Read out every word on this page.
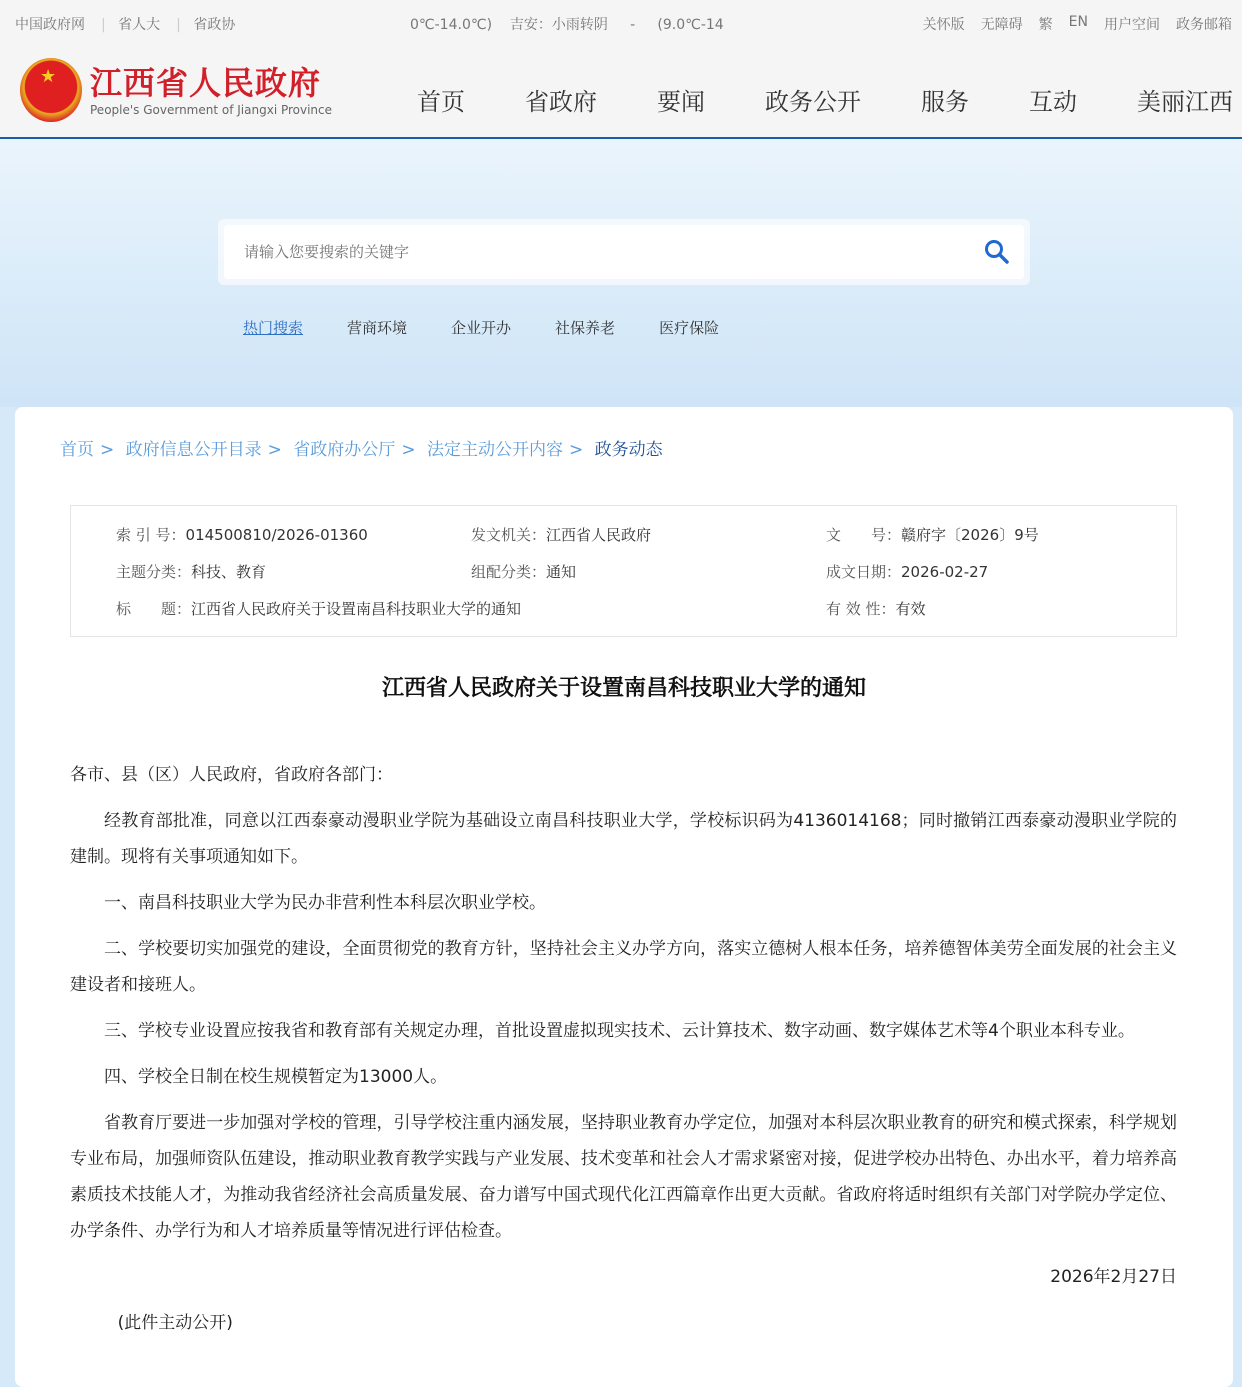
中国政府网 | 省人大 | 省政协	0℃-14.0℃)    吉安：小雨转阴     -     (9.0℃-14	关怀版 无障碍 繁 EN 用户空间 政务邮箱
★
江西省人民政府
People's Government of Jiangxi Province	首页	省政府	要闻	政务公开	服务	互动	美丽江西
请输入您要搜索的关键字
热门搜索	营商环境	企业开办	社保养老	医疗保险
首页 > 政府信息公开目录 > 省政府办公厅 > 法定主动公开内容 > 政务动态
索 引 号：014500810/2026-01360	发文机关：江西省人民政府	文　　号：赣府字〔2026〕9号
主题分类：科技、教育	组配分类：通知	成文日期：2026-02-27
标　　题：江西省人民政府关于设置南昌科技职业大学的通知	有 效 性：有效
江西省人民政府关于设置南昌科技职业大学的通知

各市、县（区）人民政府，省政府各部门：

经教育部批准，同意以江西泰豪动漫职业学院为基础设立南昌科技职业大学，学校标识码为4136014168；同时撤销江西泰豪动漫职业学院的建制。现将有关事项通知如下。

一、南昌科技职业大学为民办非营利性本科层次职业学校。

二、学校要切实加强党的建设，全面贯彻党的教育方针，坚持社会主义办学方向，落实立德树人根本任务，培养德智体美劳全面发展的社会主义建设者和接班人。

三、学校专业设置应按我省和教育部有关规定办理，首批设置虚拟现实技术、云计算技术、数字动画、数字媒体艺术等4个职业本科专业。

四、学校全日制在校生规模暂定为13000人。

省教育厅要进一步加强对学校的管理，引导学校注重内涵发展，坚持职业教育办学定位，加强对本科层次职业教育的研究和模式探索，科学规划专业布局，加强师资队伍建设，推动职业教育教学实践与产业发展、技术变革和社会人才需求紧密对接，促进学校办出特色、办出水平，着力培养高素质技术技能人才，为推动我省经济社会高质量发展、奋力谱写中国式现代化江西篇章作出更大贡献。省政府将适时组织有关部门对学院办学定位、办学条件、办学行为和人才培养质量等情况进行评估检查。

2026年2月27日

(此件主动公开)
